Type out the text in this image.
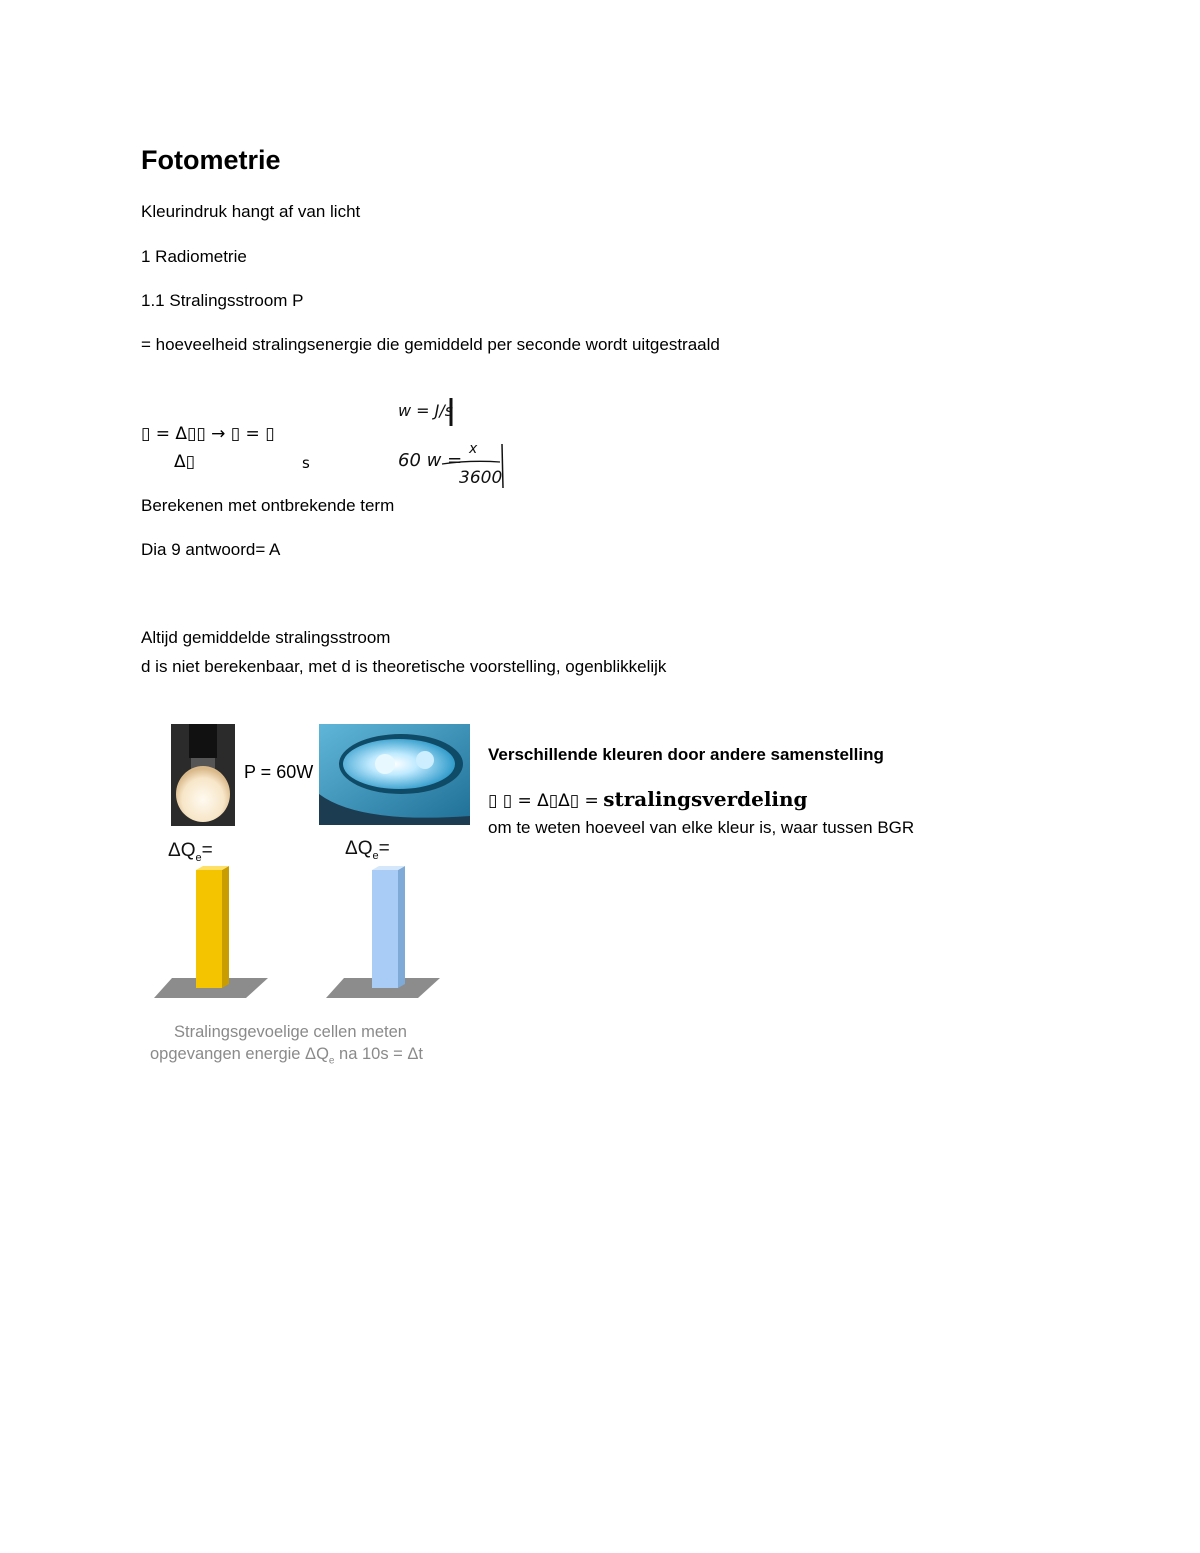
Fotometrie
Kleurindruk hangt af van licht
1 Radiometrie
1.1 Stralingsstroom P
= hoeveelheid stralingsenergie die gemiddeld per seconde wordt uitgestraald
▯ = Δ▯▯ → ▯ = ▯
Δ▯	s
w = J/s
60 w =
x
3600
Berekenen met ontbrekende term
Dia 9 antwoord= A
Altijd gemiddelde stralingsstroom
d is niet berekenbaar, met d is theoretische voorstelling, ogenblikkelijk
Verschillende kleuren door andere samenstelling
▯ ▯ = Δ▯Δ▯ = stralingsverdeling
om te weten hoeveel van elke kleur is, waar tussen BGR
P = 60W
$\Delta Q_e=$	$\Delta Q_e=$
Stralingsgevoelige cellen meten
opgevangen energie $\Delta Q_e$ na 10s = Δt
